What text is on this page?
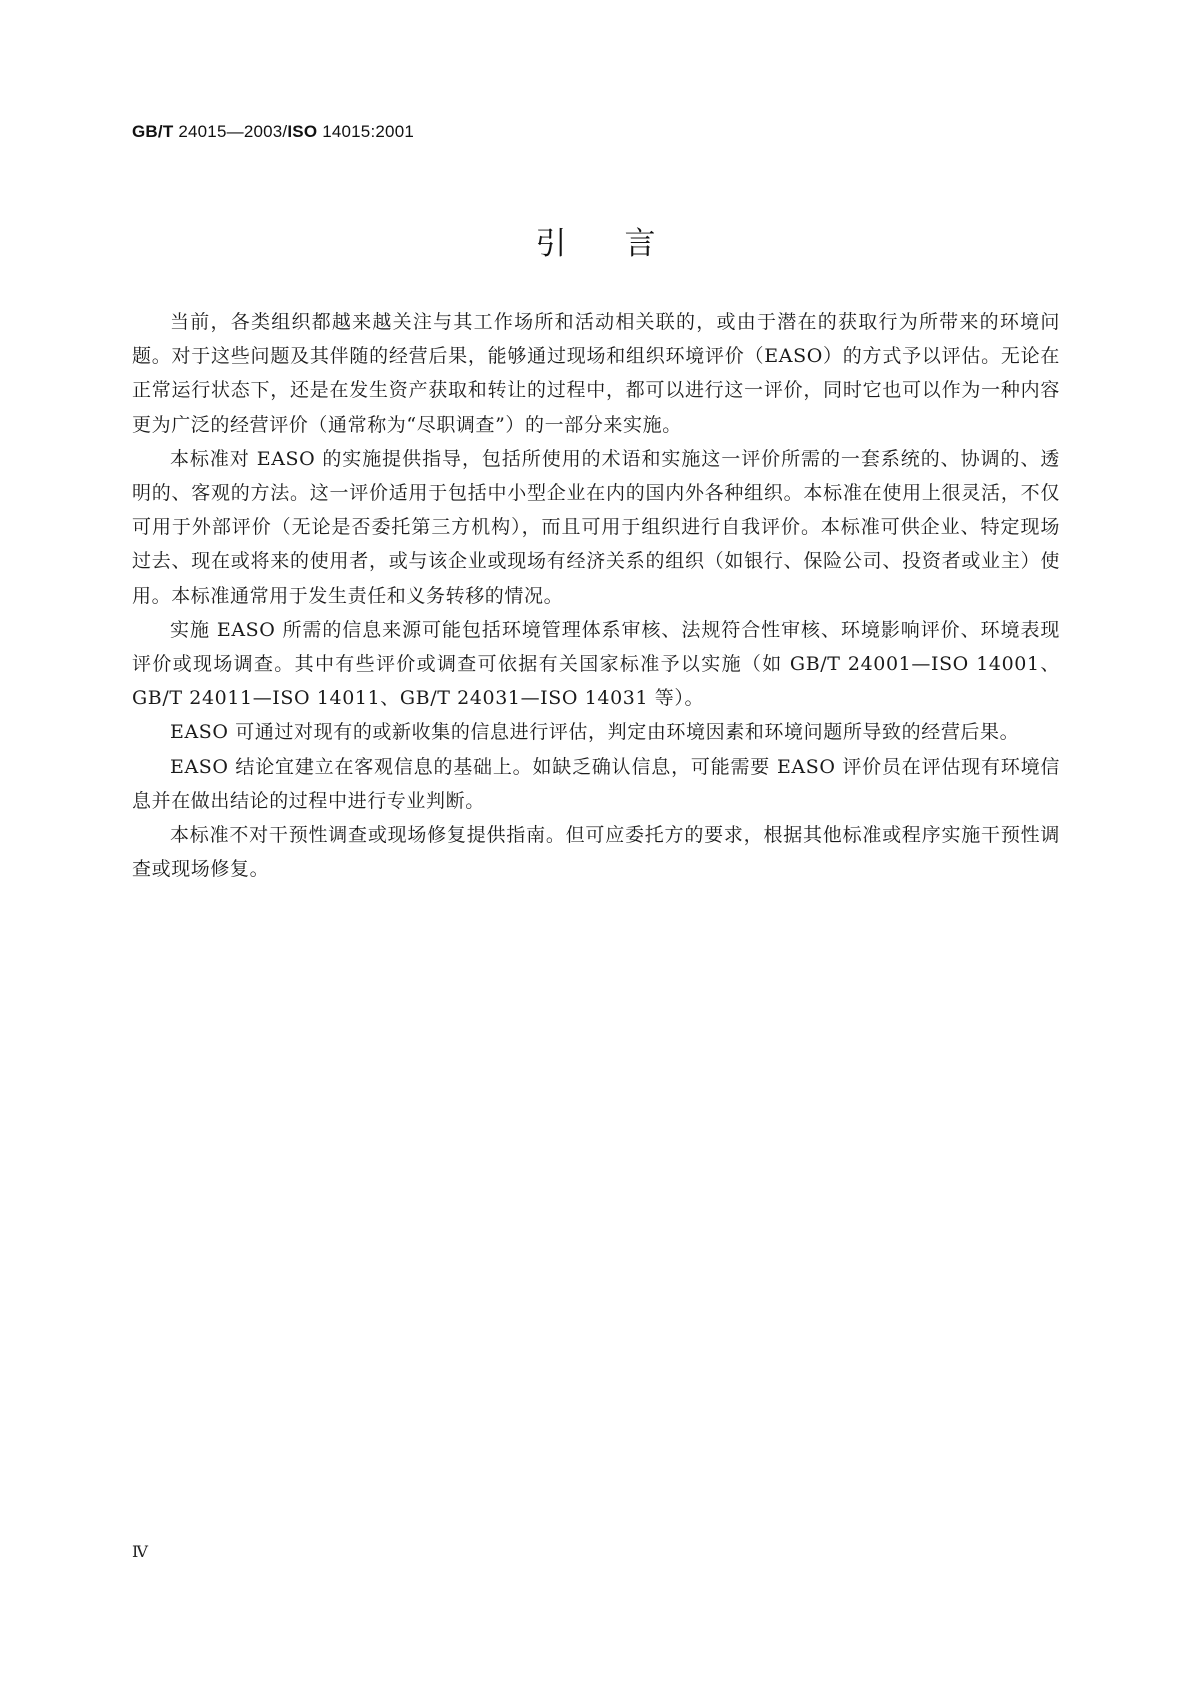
GB/T 24015—2003/ISO 14015:2001
引言

当前，各类组织都越来越关注与其工作场所和活动相关联的，或由于潜在的获取行为所带来的环境问题。对于这些问题及其伴随的经营后果，能够通过现场和组织环境评价（EASO）的方式予以评估。无论在正常运行状态下，还是在发生资产获取和转让的过程中，都可以进行这一评价，同时它也可以作为一种内容更为广泛的经营评价（通常称为“尽职调查”）的一部分来实施。

本标准对 EASO 的实施提供指导，包括所使用的术语和实施这一评价所需的一套系统的、协调的、透明的、客观的方法。这一评价适用于包括中小型企业在内的国内外各种组织。本标准在使用上很灵活，不仅可用于外部评价（无论是否委托第三方机构），而且可用于组织进行自我评价。本标准可供企业、特定现场过去、现在或将来的使用者，或与该企业或现场有经济关系的组织（如银行、保险公司、投资者或业主）使用。本标准通常用于发生责任和义务转移的情况。

实施 EASO 所需的信息来源可能包括环境管理体系审核、法规符合性审核、环境影响评价、环境表现评价或现场调查。其中有些评价或调查可依据有关国家标准予以实施（如 GB/T 24001—ISO 14001、GB/T 24011—ISO 14011、GB/T 24031—ISO 14031 等）。

EASO 可通过对现有的或新收集的信息进行评估，判定由环境因素和环境问题所导致的经营后果。

EASO 结论宜建立在客观信息的基础上。如缺乏确认信息，可能需要 EASO 评价员在评估现有环境信息并在做出结论的过程中进行专业判断。

本标准不对干预性调查或现场修复提供指南。但可应委托方的要求，根据其他标准或程序实施干预性调查或现场修复。

Ⅳ
